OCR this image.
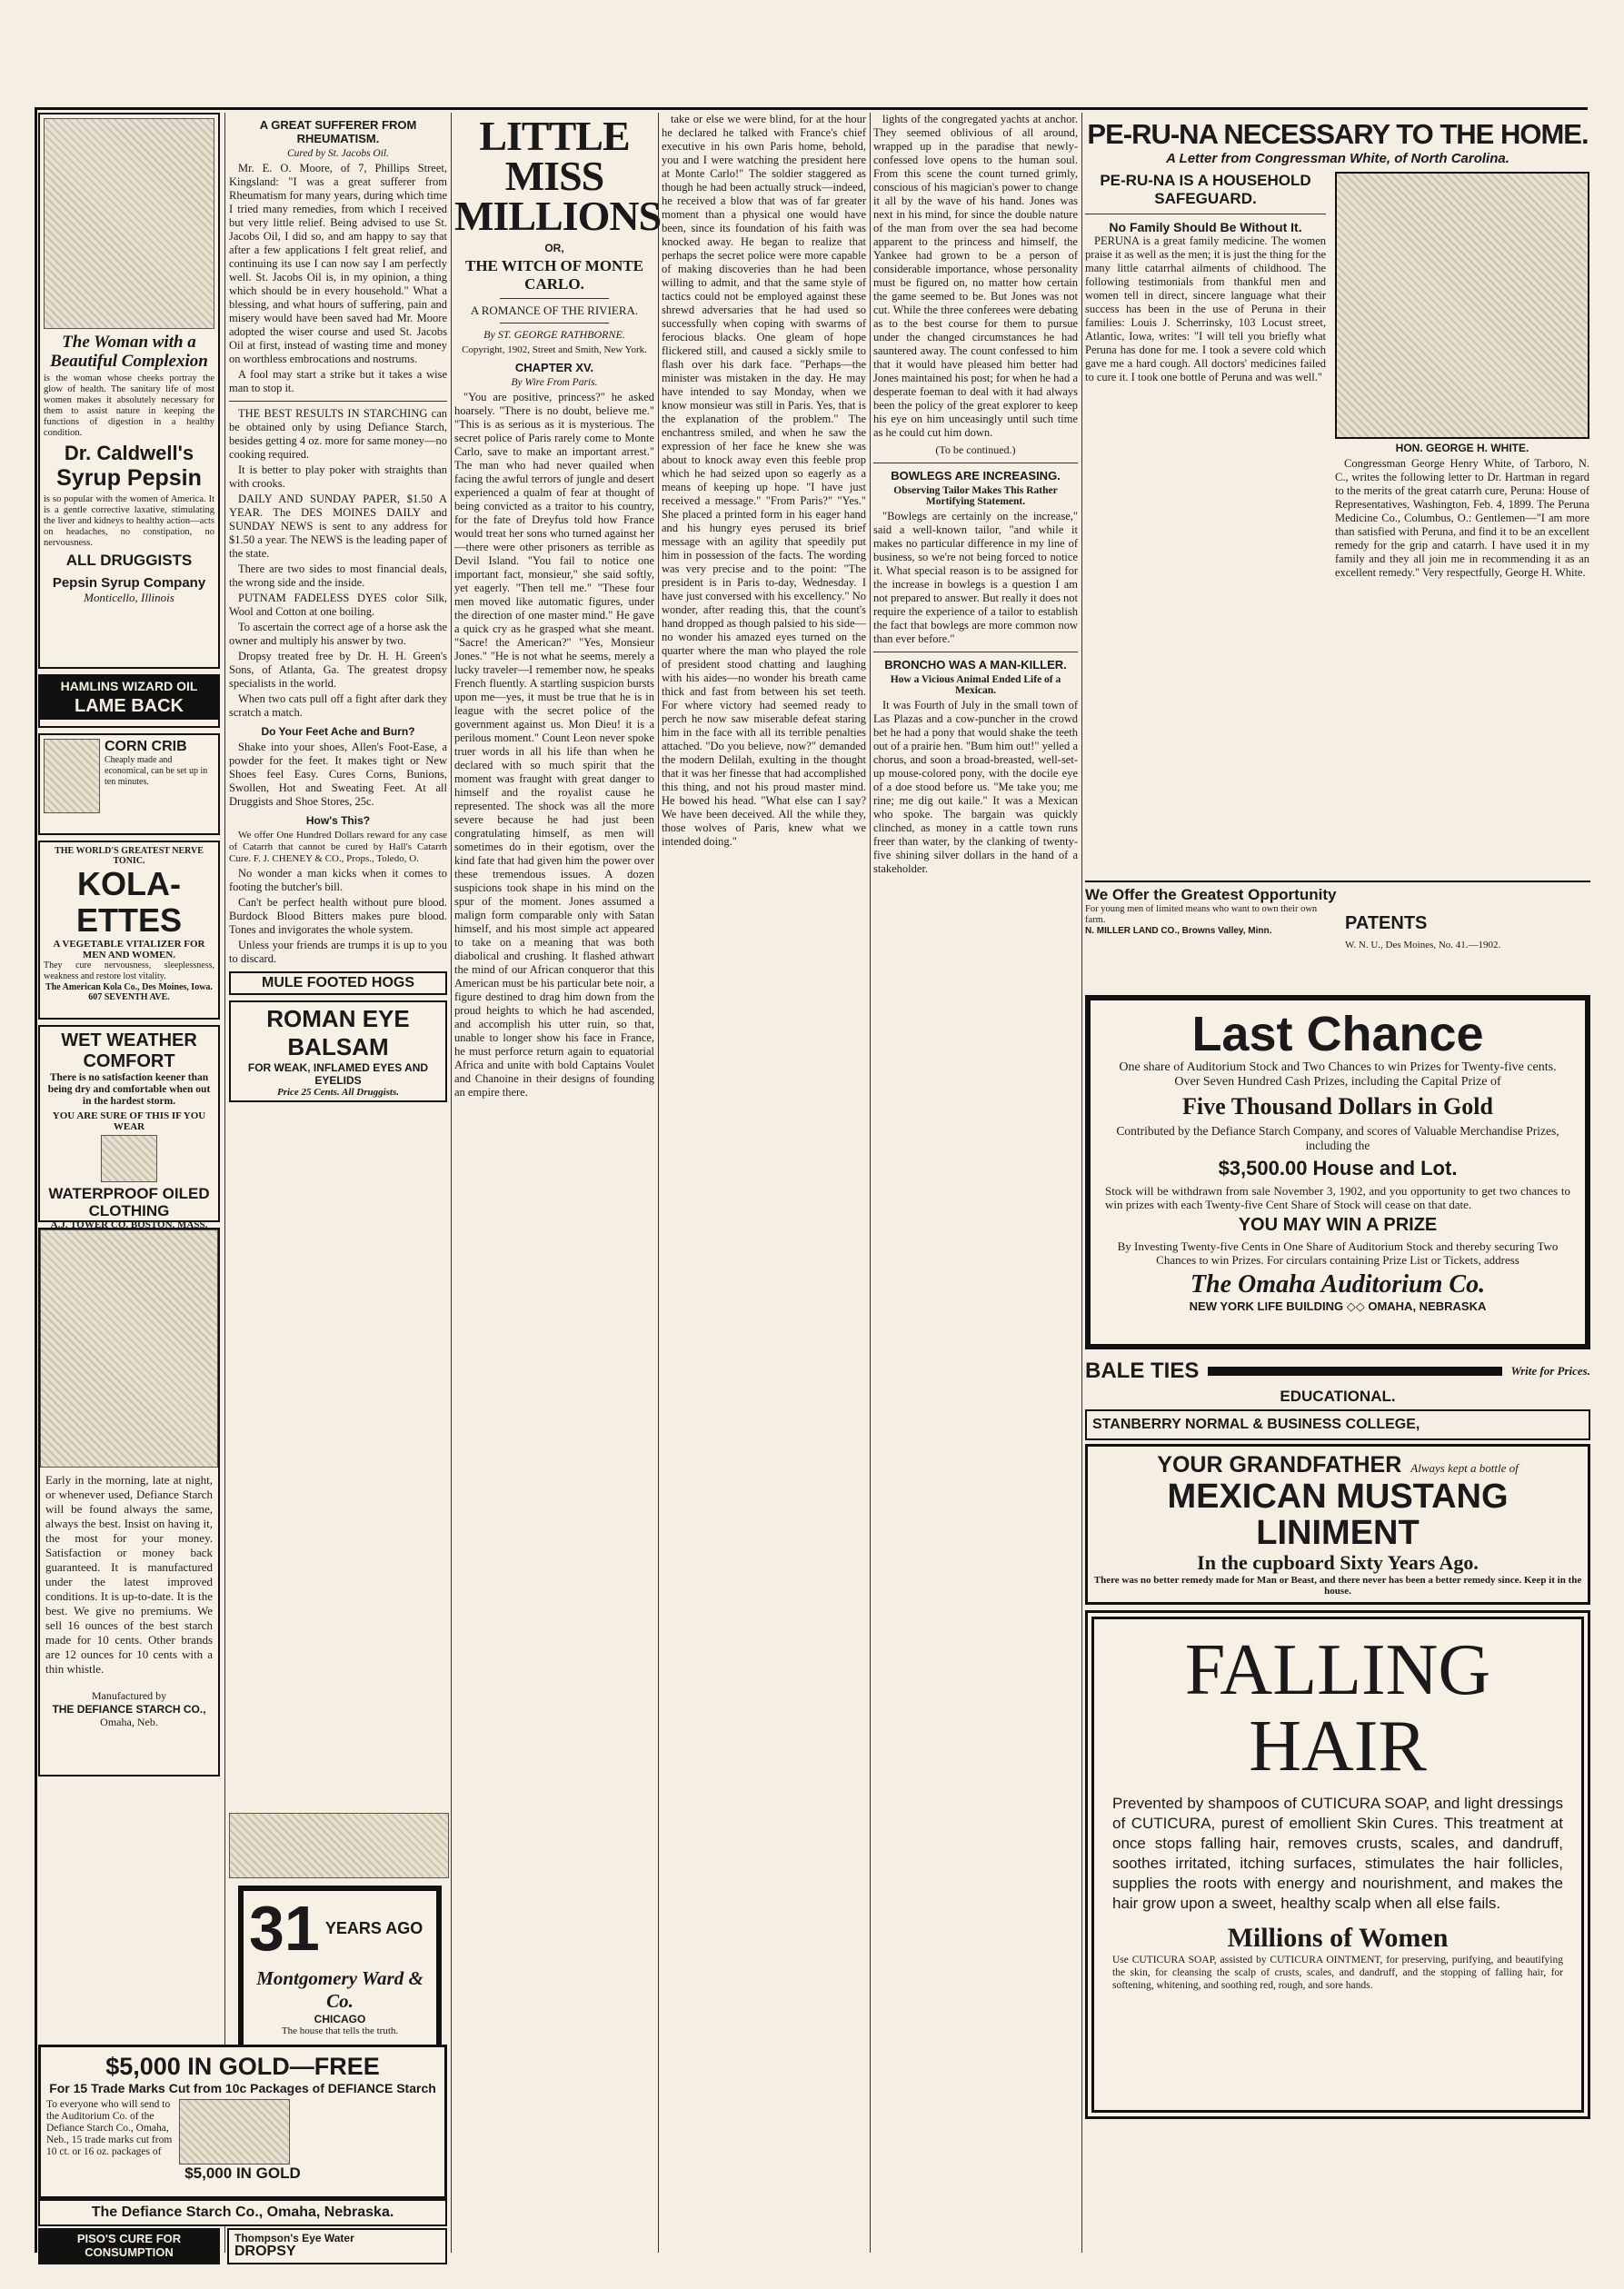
The Woman with a Beautiful Complexion
is the woman whose cheeks portray the glow of health. The sanitary life of most women makes it absolutely necessary for them to assist nature in keeping the functions of digestion in a healthy condition.
Dr. Caldwell's
Syrup Pepsin
is so popular with the women of America. It is a gentle corrective laxative, stimulating the liver and kidneys to healthy action—acts on headaches, no constipation, no nervousness.
ALL DRUGGISTS
Pepsin Syrup Company
Monticello, Illinois
HAMLINS WIZARD OIL
LAME BACK
CORN CRIB
Cheaply made and economical, can be set up in ten minutes.
THE WORLD'S GREATEST NERVE TONIC.
KOLA-ETTES
A VEGETABLE VITALIZER FOR MEN AND WOMEN.
They cure nervousness, sleeplessness, weakness and restore lost vitality.
The American Kola Co., Des Moines, Iowa.
607 SEVENTH AVE.
WET WEATHER COMFORT
There is no satisfaction keener than being dry and comfortable when out in the hardest storm.
YOU ARE SURE OF THIS IF YOU WEAR
WATERPROOF OILED CLOTHING
A.J. TOWER CO. BOSTON, MASS.
Early in the morning, late at night, or whenever used, Defiance Starch will be found always the same, always the best. Insist on having it, the most for your money. Satisfaction or money back guaranteed. It is manufactured under the latest improved conditions. It is up-to-date. It is the best. We give no premiums. We sell 16 ounces of the best starch made for 10 cents. Other brands are 12 ounces for 10 cents with a thin whistle.
Manufactured by
THE DEFIANCE STARCH CO.,
Omaha, Neb.
A GREAT SUFFERER FROM RHEUMATISM.
Cured by St. Jacobs Oil.

Mr. E. O. Moore, of 7, Phillips Street, Kingsland: "I was a great sufferer from Rheumatism for many years, during which time I tried many remedies, from which I received but very little relief. Being advised to use St. Jacobs Oil, I did so, and am happy to say that after a few applications I felt great relief, and continuing its use I can now say I am perfectly well. St. Jacobs Oil is, in my opinion, a thing which should be in every household." What a blessing, and what hours of suffering, pain and misery would have been saved had Mr. Moore adopted the wiser course and used St. Jacobs Oil at first, instead of wasting time and money on worthless embrocations and nostrums.

A fool may start a strike but it takes a wise man to stop it.

THE BEST RESULTS IN STARCHING can be obtained only by using Defiance Starch, besides getting 4 oz. more for same money—no cooking required.

It is better to play poker with straights than with crooks.

DAILY AND SUNDAY PAPER, $1.50 A YEAR. The DES MOINES DAILY and SUNDAY NEWS is sent to any address for $1.50 a year. The NEWS is the leading paper of the state.

There are two sides to most financial deals, the wrong side and the inside.

PUTNAM FADELESS DYES color Silk, Wool and Cotton at one boiling.

To ascertain the correct age of a horse ask the owner and multiply his answer by two.

Dropsy treated free by Dr. H. H. Green's Sons, of Atlanta, Ga. The greatest dropsy specialists in the world.

When two cats pull off a fight after dark they scratch a match.

Do Your Feet Ache and Burn?

Shake into your shoes, Allen's Foot-Ease, a powder for the feet. It makes tight or New Shoes feel Easy. Cures Corns, Bunions, Swollen, Hot and Sweating Feet. At all Druggists and Shoe Stores, 25c.

How's This?

We offer One Hundred Dollars reward for any case of Catarrh that cannot be cured by Hall's Catarrh Cure. F. J. CHENEY & CO., Props., Toledo, O.

No wonder a man kicks when it comes to footing the butcher's bill.

Can't be perfect health without pure blood. Burdock Blood Bitters makes pure blood. Tones and invigorates the whole system.

Unless your friends are trumps it is up to you to discard.

MULE FOOTED HOGS
ROMAN EYE BALSAM
FOR WEAK, INFLAMED EYES AND EYELIDS
Price 25 Cents. All Druggists.
31 YEARS AGO
Montgomery Ward & Co.
CHICAGO
The house that tells the truth.
LITTLE MISS MILLIONS
OR,
THE WITCH OF MONTE CARLO.
A ROMANCE OF THE RIVIERA.
By ST. GEORGE RATHBORNE.
Copyright, 1902, Street and Smith, New York.
CHAPTER XV.
By Wire From Paris.

"You are positive, princess?" he asked hoarsely. "There is no doubt, believe me." "This is as serious as it is mysterious. The secret police of Paris rarely come to Monte Carlo, save to make an important arrest." The man who had never quailed when facing the awful terrors of jungle and desert experienced a qualm of fear at thought of being convicted as a traitor to his country, for the fate of Dreyfus told how France would treat her sons who turned against her—there were other prisoners as terrible as Devil Island. "You fail to notice one important fact, monsieur," she said softly, yet eagerly. "Then tell me." "These four men moved like automatic figures, under the direction of one master mind." He gave a quick cry as he grasped what she meant. "Sacre! the American?" "Yes, Monsieur Jones." "He is not what he seems, merely a lucky traveler—I remember now, he speaks French fluently. A startling suspicion bursts upon me—yes, it must be true that he is in league with the secret police of the government against us. Mon Dieu! it is a perilous moment." Count Leon never spoke truer words in all his life than when he declared with so much spirit that the moment was fraught with great danger to himself and the royalist cause he represented. The shock was all the more severe because he had just been congratulating himself, as men will sometimes do in their egotism, over the kind fate that had given him the power over these tremendous issues. A dozen suspicions took shape in his mind on the spur of the moment. Jones assumed a malign form comparable only with Satan himself, and his most simple act appeared to take on a meaning that was both diabolical and crushing. It flashed athwart the mind of our African conqueror that this American must be his particular bete noir, a figure destined to drag him down from the proud heights to which he had ascended, and accomplish his utter ruin, so that, unable to longer show his face in France, he must perforce return again to equatorial Africa and unite with bold Captains Voulet and Chanoine in their designs of founding an empire there.

take or else we were blind, for at the hour he declared he talked with France's chief executive in his own Paris home, behold, you and I were watching the president here at Monte Carlo!" The soldier staggered as though he had been actually struck—indeed, he received a blow that was of far greater moment than a physical one would have been, since its foundation of his faith was knocked away. He began to realize that perhaps the secret police were more capable of making discoveries than he had been willing to admit, and that the same style of tactics could not be employed against these shrewd adversaries that he had used so successfully when coping with swarms of ferocious blacks. One gleam of hope flickered still, and caused a sickly smile to flash over his dark face. "Perhaps—the minister was mistaken in the day. He may have intended to say Monday, when we know monsieur was still in Paris. Yes, that is the explanation of the problem." The enchantress smiled, and when he saw the expression of her face he knew she was about to knock away even this feeble prop which he had seized upon so eagerly as a means of keeping up hope. "I have just received a message." "From Paris?" "Yes." She placed a printed form in his eager hand and his hungry eyes perused its brief message with an agility that speedily put him in possession of the facts. The wording was very precise and to the point: "The president is in Paris to-day, Wednesday. I have just conversed with his excellency." No wonder, after reading this, that the count's hand dropped as though palsied to his side—no wonder his amazed eyes turned on the quarter where the man who played the role of president stood chatting and laughing with his aides—no wonder his breath came thick and fast from between his set teeth. For where victory had seemed ready to perch he now saw miserable defeat staring him in the face with all its terrible penalties attached. "Do you believe, now?" demanded the modern Delilah, exulting in the thought that it was her finesse that had accomplished this thing, and not his proud master mind. He bowed his head. "What else can I say? We have been deceived. All the while they, those wolves of Paris, knew what we intended doing."

lights of the congregated yachts at anchor. They seemed oblivious of all around, wrapped up in the paradise that newly-confessed love opens to the human soul. From this scene the count turned grimly, conscious of his magician's power to change it all by the wave of his hand. Jones was next in his mind, for since the double nature of the man from over the sea had become apparent to the princess and himself, the Yankee had grown to be a person of considerable importance, whose personality must be figured on, no matter how certain the game seemed to be. But Jones was not cut. While the three conferees were debating as to the best course for them to pursue under the changed circumstances he had sauntered away. The count confessed to him that it would have pleased him better had Jones maintained his post; for when he had a desperate foeman to deal with it had always been the policy of the great explorer to keep his eye on him unceasingly until such time as he could cut him down.

(To be continued.)
BOWLEGS ARE INCREASING.
Observing Tailor Makes This Rather Mortifying Statement.

"Bowlegs are certainly on the increase," said a well-known tailor, "and while it makes no particular difference in my line of business, so we're not being forced to notice it. What special reason is to be assigned for the increase in bowlegs is a question I am not prepared to answer. But really it does not require the experience of a tailor to establish the fact that bowlegs are more common now than ever before."

BRONCHO WAS A MAN-KILLER.
How a Vicious Animal Ended Life of a Mexican.

It was Fourth of July in the small town of Las Plazas and a cow-puncher in the crowd bet he had a pony that would shake the teeth out of a prairie hen. "Bum him out!" yelled a chorus, and soon a broad-breasted, well-set-up mouse-colored pony, with the docile eye of a doe stood before us. "Me take you; me rine; me dig out kaile." It was a Mexican who spoke. The bargain was quickly clinched, as money in a cattle town runs freer than water, by the clanking of twenty-five shining silver dollars in the hand of a stakeholder.

PE-RU-NA NECESSARY TO THE HOME.
A Letter from Congressman White, of North Carolina.
PE-RU-NA IS A HOUSEHOLD SAFEGUARD.
No Family Should Be Without It.

PERUNA is a great family medicine. The women praise it as well as the men; it is just the thing for the many little catarrhal ailments of childhood. The following testimonials from thankful men and women tell in direct, sincere language what their success has been in the use of Peruna in their families: Louis J. Scherrinsky, 103 Locust street, Atlantic, Iowa, writes: "I will tell you briefly what Peruna has done for me. I took a severe cold which gave me a hard cough. All doctors' medicines failed to cure it. I took one bottle of Peruna and was well."

HON. GEORGE H. WHITE.

Congressman George Henry White, of Tarboro, N. C., writes the following letter to Dr. Hartman in regard to the merits of the great catarrh cure, Peruna: House of Representatives, Washington, Feb. 4, 1899. The Peruna Medicine Co., Columbus, O.: Gentlemen—"I am more than satisfied with Peruna, and find it to be an excellent remedy for the grip and catarrh. I have used it in my family and they all join me in recommending it as an excellent remedy." Very respectfully, George H. White.

We Offer the Greatest Opportunity
For young men of limited means who want to own their own farm.
N. MILLER LAND CO., Browns Valley, Minn.	PATENTS
W. N. U., Des Moines, No. 41.—1902.
Last Chance
One share of Auditorium Stock and Two Chances to win Prizes for Twenty-five cents. Over Seven Hundred Cash Prizes, including the Capital Prize of
Five Thousand Dollars in Gold
Contributed by the Defiance Starch Company, and scores of Valuable Merchandise Prizes, including the
$3,500.00 House and Lot.
Stock will be withdrawn from sale November 3, 1902, and you opportunity to get two chances to win prizes with each Twenty-five Cent Share of Stock will cease on that date.
YOU MAY WIN A PRIZE
By Investing Twenty-five Cents in One Share of Auditorium Stock and thereby securing Two Chances to win Prizes. For circulars containing Prize List or Tickets, address
The Omaha Auditorium Co.
NEW YORK LIFE BUILDING ◇◇ OMAHA, NEBRASKA
BALE TIES	Write for Prices.
EDUCATIONAL.
STANBERRY NORMAL & BUSINESS COLLEGE,
YOUR GRANDFATHER Always kept a bottle of
MEXICAN MUSTANG LINIMENT
In the cupboard Sixty Years Ago.
There was no better remedy made for Man or Beast, and there never has been a better remedy since. Keep it in the house.
FALLING
HAIR
Prevented by shampoos of CUTICURA SOAP, and light dressings of CUTICURA, purest of emollient Skin Cures. This treatment at once stops falling hair, removes crusts, scales, and dandruff, soothes irritated, itching surfaces, stimulates the hair follicles, supplies the roots with energy and nourishment, and makes the hair grow upon a sweet, healthy scalp when all else fails.
Millions of Women
Use CUTICURA SOAP, assisted by CUTICURA OINTMENT, for preserving, purifying, and beautifying the skin, for cleansing the scalp of crusts, scales, and dandruff, and the stopping of falling hair, for softening, whitening, and soothing red, rough, and sore hands.
$5,000 IN GOLD—FREE
For 15 Trade Marks Cut from 10c Packages of DEFIANCE Starch
To everyone who will send to the Auditorium Co. of the Defiance Starch Co., Omaha, Neb., 15 trade marks cut from 10 ct. or 16 oz. packages of
$5,000 IN GOLD
The Defiance Starch Co., Omaha, Nebraska.
PISO'S CURE FOR CONSUMPTION
Thompson's Eye Water
DROPSY
